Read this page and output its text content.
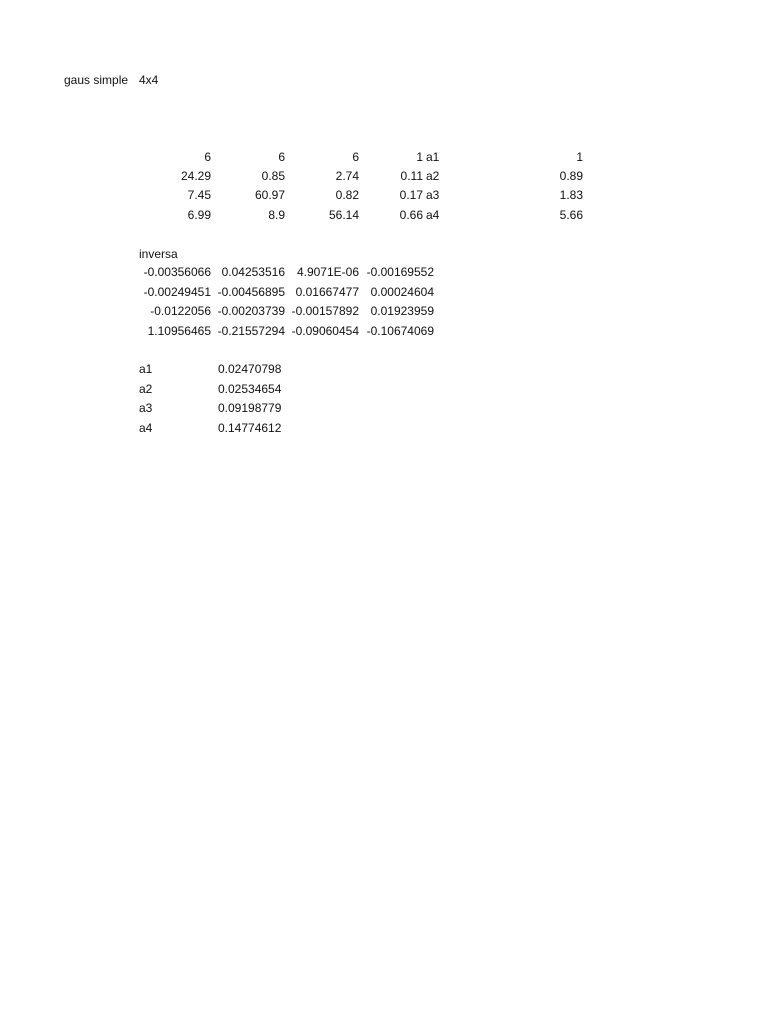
gaus simple 4x4
6	6	6	1 a1	1
24.29	0.85	2.74	0.11 a2	0.89
7.45	60.97	0.82	0.17 a3	1.83
6.99	8.9	56.14	0.66 a4	5.66
inversa
-0.00356066 0.04253516 4.9071E-06 -0.00169552
-0.00249451 -0.00456895 0.01667477 0.00024604
-0.0122056 -0.00203739 -0.00157892 0.01923959
1.10956465 -0.21557294 -0.09060454 -0.10674069
a1	0.02470798
a2	0.02534654
a3	0.09198779
a4	0.14774612
